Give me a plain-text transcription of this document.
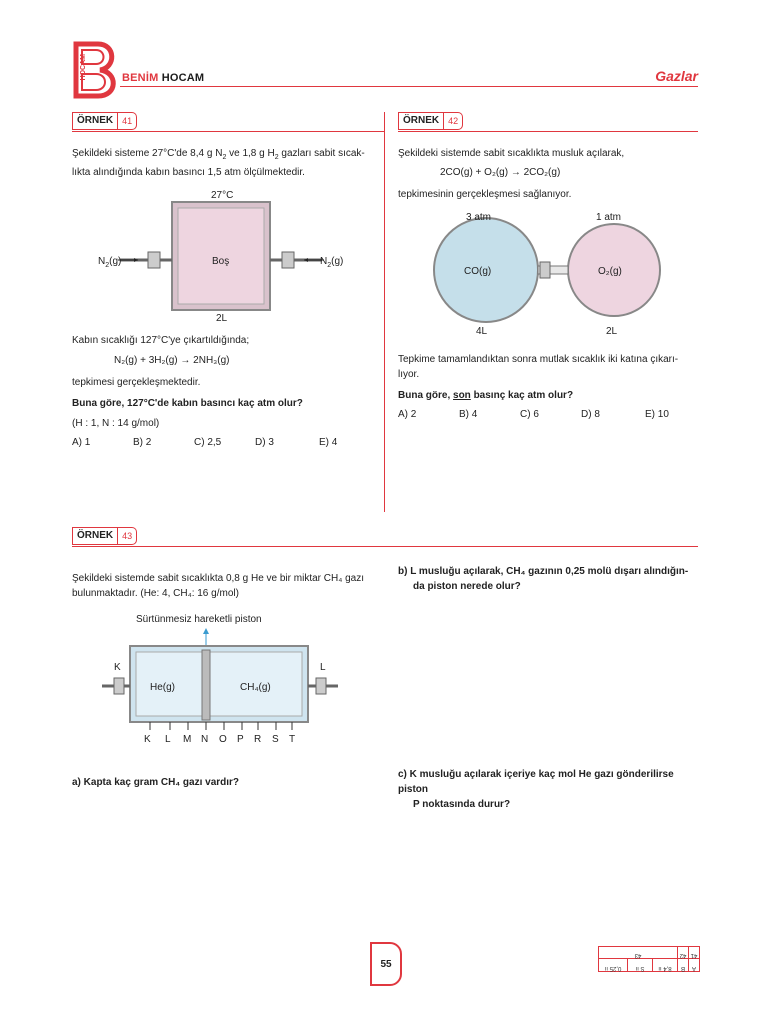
HOCAM	BENİM HOCAM	Gazlar
ÖRNEK	41
Şekildeki sisteme 27°C'de 8,4 g $N_2$ ve 1,8 g $H_2$ gazları sabit sıcak-
lıkta alındığında kabın basıncı 1,5 atm ölçülmektedir.
27°C
$N_2(g)$	Boş	$N_2(g)$
2L
Kabın sıcaklığı 127°C'ye çıkartıldığında;
N₂(g) + 3H₂(g) → 2NH₃(g)
tepkimesi gerçekleşmektedir.
Buna göre, 127°C'de kabın basıncı kaç atm olur?
(H : 1, N : 14 g/mol)
A) 1	B) 2	C) 2,5	D) 3	E) 4
ÖRNEK	42
Şekildeki sistemde sabit sıcaklıkta musluk açılarak,
2CO(g) + O₂(g) → 2CO₂(g)
tepkimesinin gerçekleşmesi sağlanıyor.
3 atm	1 atm
CO(g)	O₂(g)
4L	2L
Tepkime tamamlandıktan sonra mutlak sıcaklık iki katına çıkarı-
lıyor.
Buna göre, son basınç kaç atm olur?
A) 2	B) 4	C) 6	D) 8	E) 10
ÖRNEK	43
Şekildeki sistemde sabit sıcaklıkta 0,8 g He ve bir miktar CH₄ gazı
bulunmaktadır. (He: 4, CH₄: 16 g/mol)
Sürtünmesiz hareketli piston
K	L
He(g)	CH₄(g)
K L M N O P R S T
a) Kapta kaç gram CH₄ gazı vardır?
b) L musluğu açılarak, CH₄ gazının 0,25 molü dışarı alındığın-
da piston nerede olur?
c) K musluğu açılarak içeriye kaç mol He gazı gönderilirse piston
P noktasında durur?
55	A
B
8,4 ıı
S ıı
0,25 ıı
41
42
43
